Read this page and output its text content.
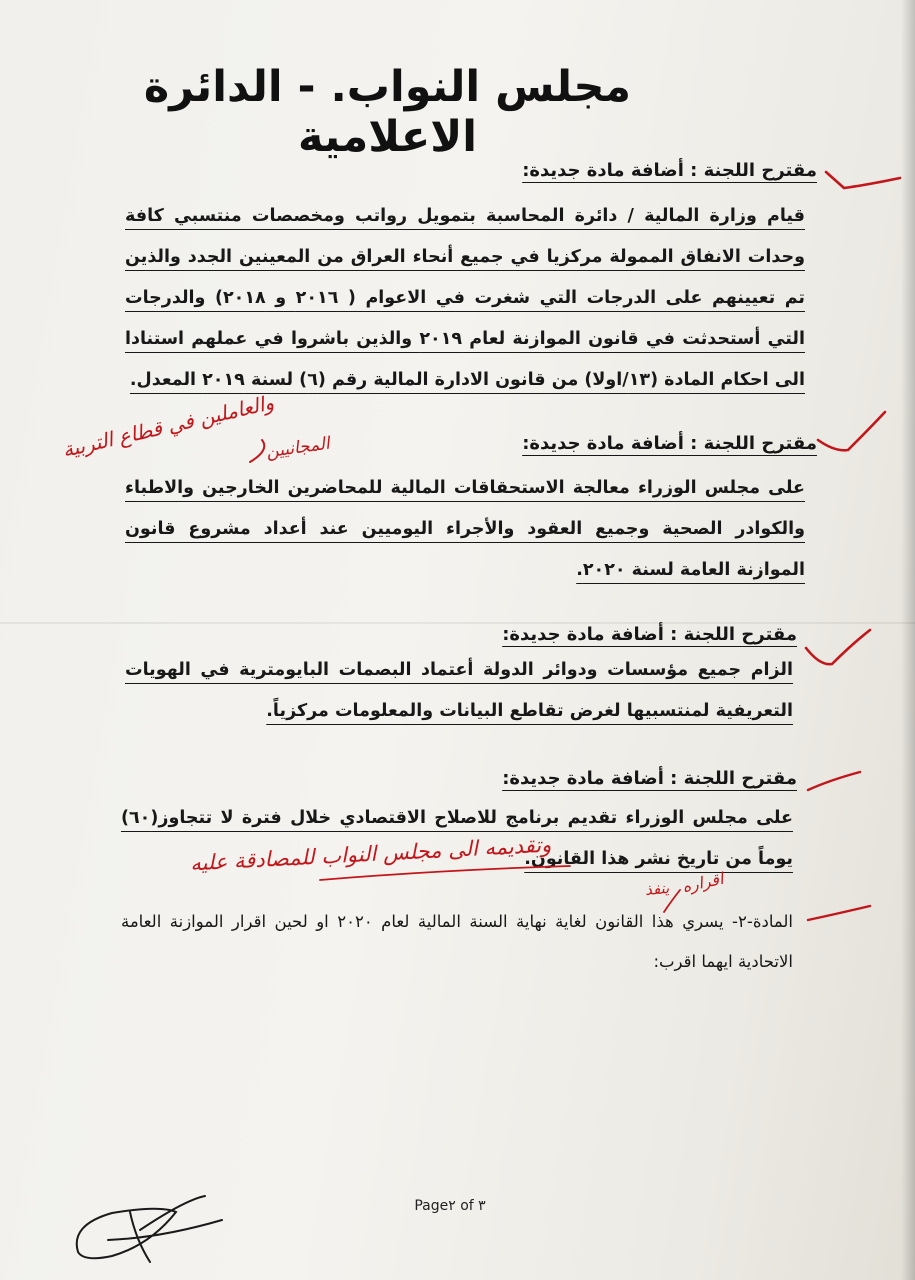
مجلس النواب. - الدائرة الاعلامية
مقترح اللجنة : أضافة مادة جديدة:
قيام وزارة المالية / دائرة المحاسبة بتمويل رواتب ومخصصات منتسبي كافة وحدات الانفاق الممولة مركزيا في جميع أنحاء العراق من المعينين الجدد والذين تم تعيينهم على الدرجات التي شغرت في الاعوام ( ٢٠١٦ و ٢٠١٨) والدرجات التي أستحدثت في قانون الموازنة لعام ٢٠١٩ والذين باشروا في عملهم استنادا الى احكام المادة (١٣/اولا) من قانون الادارة المالية رقم (٦) لسنة ٢٠١٩ المعدل.
مقترح اللجنة : أضافة مادة جديدة:
على مجلس الوزراء معالجة الاستحقاقات المالية للمحاضرين الخارجين والاطباء والكوادر الصحية وجميع العقود والأجراء اليوميين عند أعداد مشروع قانون الموازنة العامة لسنة ٢٠٢٠.
مقترح اللجنة : أضافة مادة جديدة:
الزام جميع مؤسسات ودوائر الدولة أعتماد البصمات البايومترية في الهويات التعريفية لمنتسبيها لغرض تقاطع البيانات والمعلومات مركزياً.
مقترح اللجنة : أضافة مادة جديدة:
على مجلس الوزراء تقديم برنامج للاصلاح الاقتصادي خلال فترة لا تتجاوز(٦٠) يوماً من تاريخ نشر هذا القانون.
المادة-٢- يسري هذا القانون لغاية نهاية السنة المالية لعام ٢٠٢٠ او لحين اقرار الموازنة العامة الاتحادية ايهما اقرب:
Page٢ of ٣
والعاملين في قطاع التربية
المجانيين
وتقديمه الى مجلس النواب للمصادقة عليه
اقراره
ينفذ
